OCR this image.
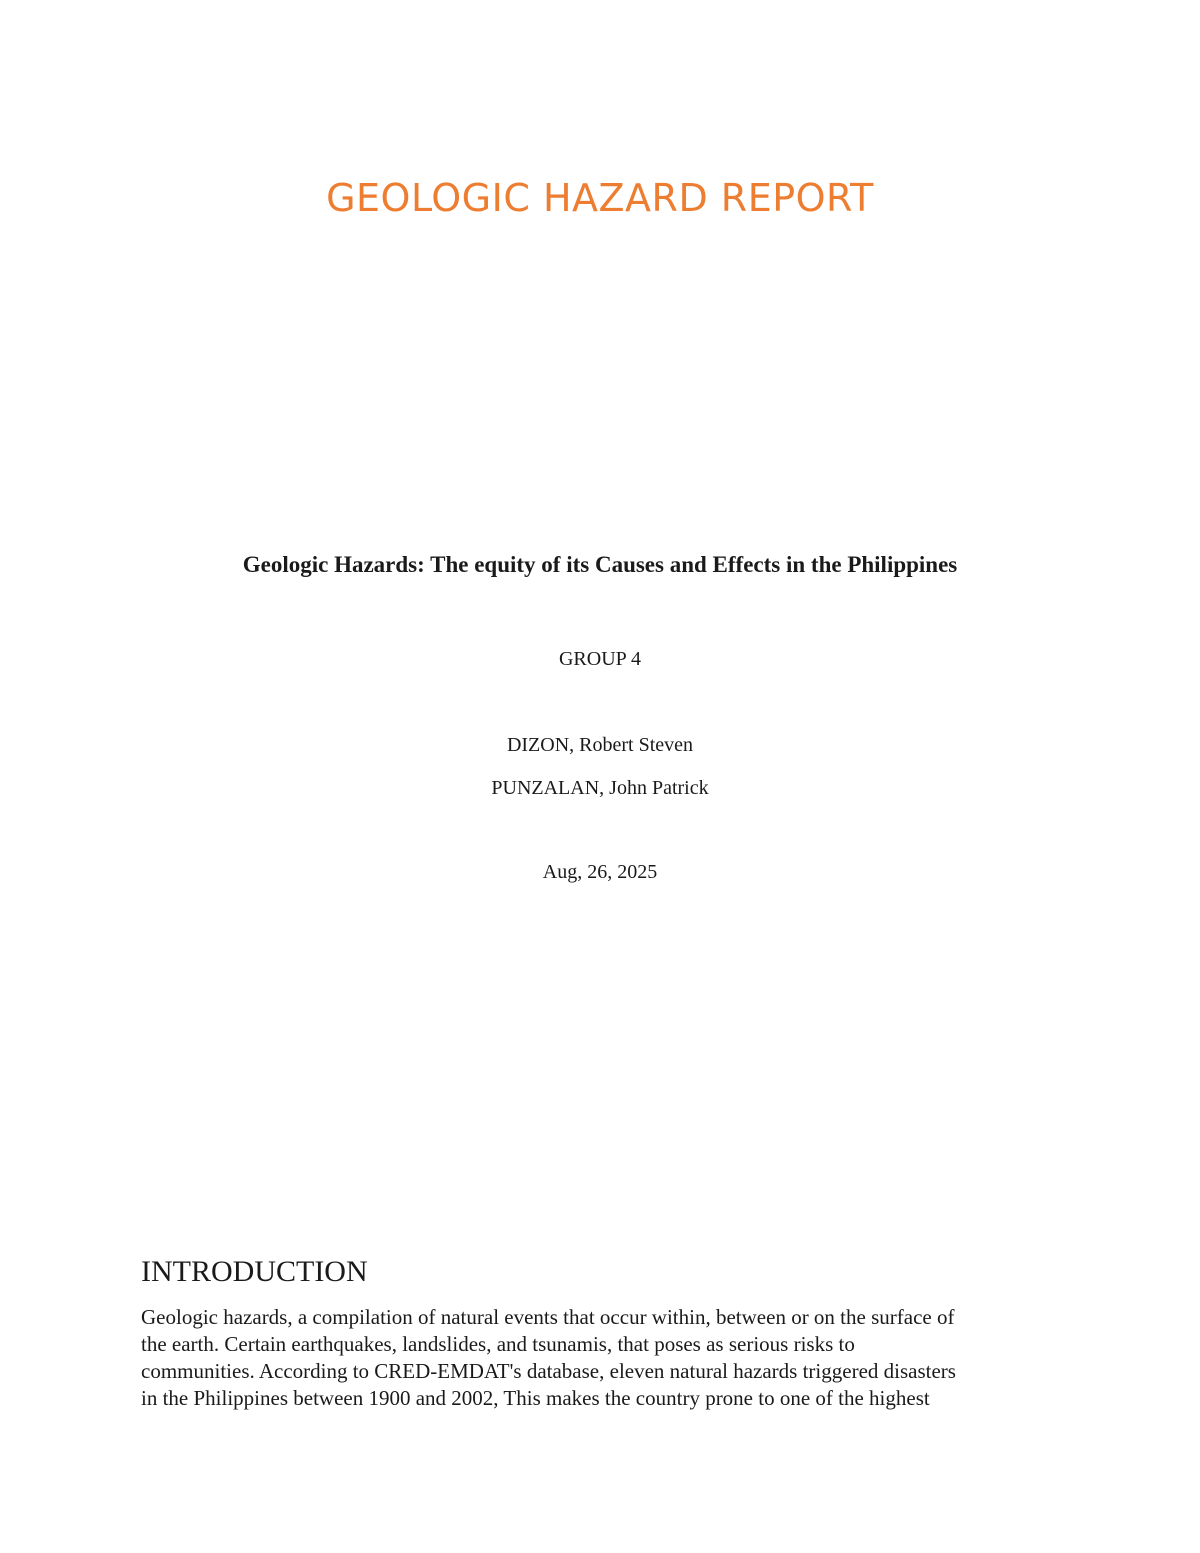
GEOLOGIC HAZARD REPORT
Geologic Hazards: The equity of its Causes and Effects in the Philippines

GROUP 4

DIZON, Robert Steven

PUNZALAN, John Patrick

Aug, 26, 2025

INTRODUCTION

Geologic hazards, a compilation of natural events that occur within, between or on the surface of
the earth. Certain earthquakes, landslides, and tsunamis, that poses as serious risks to
communities. According to CRED-EMDAT's database, eleven natural hazards triggered disasters
in the Philippines between 1900 and 2002, This makes the country prone to one of the highest
